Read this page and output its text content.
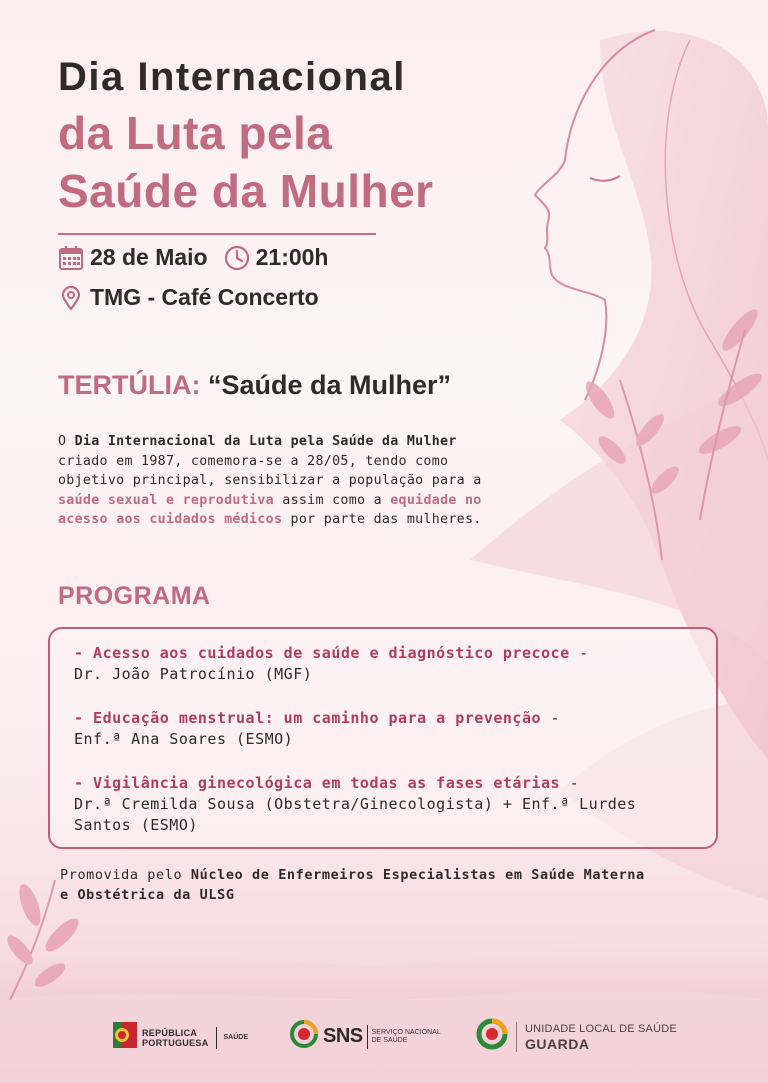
Dia Internacional
da Luta pela
Saúde da Mulher
28 de Maio 21:00h
TMG - Café Concerto
TERTÚLIA: “Saúde da Mulher”
O Dia Internacional da Luta pela Saúde da Mulher
criado em 1987, comemora-se a 28/05, tendo como
objetivo principal, sensibilizar a população para a
saúde sexual e reprodutiva assim como a equidade no
acesso aos cuidados médicos por parte das mulheres.
PROGRAMA
- Acesso aos cuidados de saúde e diagnóstico precoce -
Dr. João Patrocínio (MGF)
- Educação menstrual: um caminho para a prevenção -
Enf.ª Ana Soares (ESMO)
- Vigilância ginecológica em todas as fases etárias -
Dr.ª Cremilda Sousa (Obstetra/Ginecologista) + Enf.ª Lurdes
Santos (ESMO)
Promovida pelo Núcleo de Enfermeiros Especialistas em Saúde Materna
e Obstétrica da ULSG
REPÚBLICA
PORTUGUESA
SAÚDE	SNS SERVIÇO NACIONAL
DE SAÚDE
UNIDADE LOCAL DE SAÚDE
GUARDA
